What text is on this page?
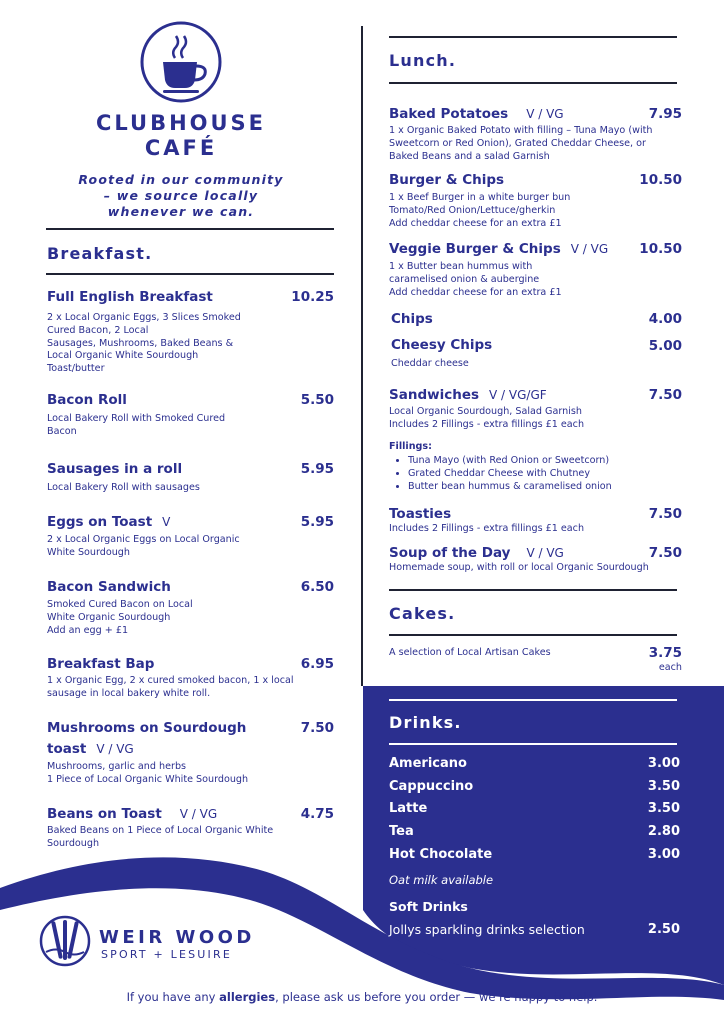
CLUBHOUSE
CAFÉ
Rooted in our community
– we source locally
whenever we can.
Breakfast.
Full English Breakfast	10.25
2 x Local Organic Eggs, 3 Slices Smoked
Cured Bacon, 2 Local
Sausages, Mushrooms, Baked Beans &
Local Organic White Sourdough
Toast/butter
Bacon Roll	5.50
Local Bakery Roll with Smoked Cured
Bacon
Sausages in a roll	5.95
Local Bakery Roll with sausages
Eggs on Toast V	5.95
2 x Local Organic Eggs on Local Organic
White Sourdough
Bacon Sandwich	6.50
Smoked Cured Bacon on Local
White Organic Sourdough
Add an egg + £1
Breakfast Bap	6.95
1 x Organic Egg, 2 x cured smoked bacon, 1 x local
sausage in local bakery white roll.
Mushrooms on Sourdough
toast V / VG
7.50
Mushrooms, garlic and herbs
1 Piece of Local Organic White Sourdough
Beans on Toast V / VG	4.75
Baked Beans on 1 Piece of Local Organic White
Sourdough
Lunch.
Baked Potatoes V / VG	7.95
1 x Organic Baked Potato with filling – Tuna Mayo (with
Sweetcorn or Red Onion), Grated Cheddar Cheese, or
Baked Beans and a salad Garnish
Burger & Chips	10.50
1 x Beef Burger in a white burger bun
Tomato/Red Onion/Lettuce/gherkin
Add cheddar cheese for an extra £1
Veggie Burger & Chips V / VG	10.50
1 x Butter bean hummus with
caramelised onion & aubergine
Add cheddar cheese for an extra £1
Chips	4.00
Cheesy Chips	5.00
Cheddar cheese
Sandwiches V / VG/GF	7.50
Local Organic Sourdough, Salad Garnish
Includes 2 Fillings - extra fillings £1 each
Fillings:
• Tuna Mayo (with Red Onion or Sweetcorn)
• Grated Cheddar Cheese with Chutney
• Butter bean hummus & caramelised onion
Toasties	7.50
Includes 2 Fillings - extra fillings £1 each
Soup of the Day V / VG	7.50
Homemade soup, with roll or local Organic Sourdough
Cakes.
A selection of Local Artisan Cakes	3.75
each
Drinks.
Americano	3.00
Cappuccino	3.50
Latte	3.50
Tea	2.80
Hot Chocolate	3.00
Oat milk available
Soft Drinks
Jollys sparkling drinks selection	2.50
WEIR WOOD
SPORT + LESUIRE
If you have any allergies, please ask us before you order — we’re happy to help.
